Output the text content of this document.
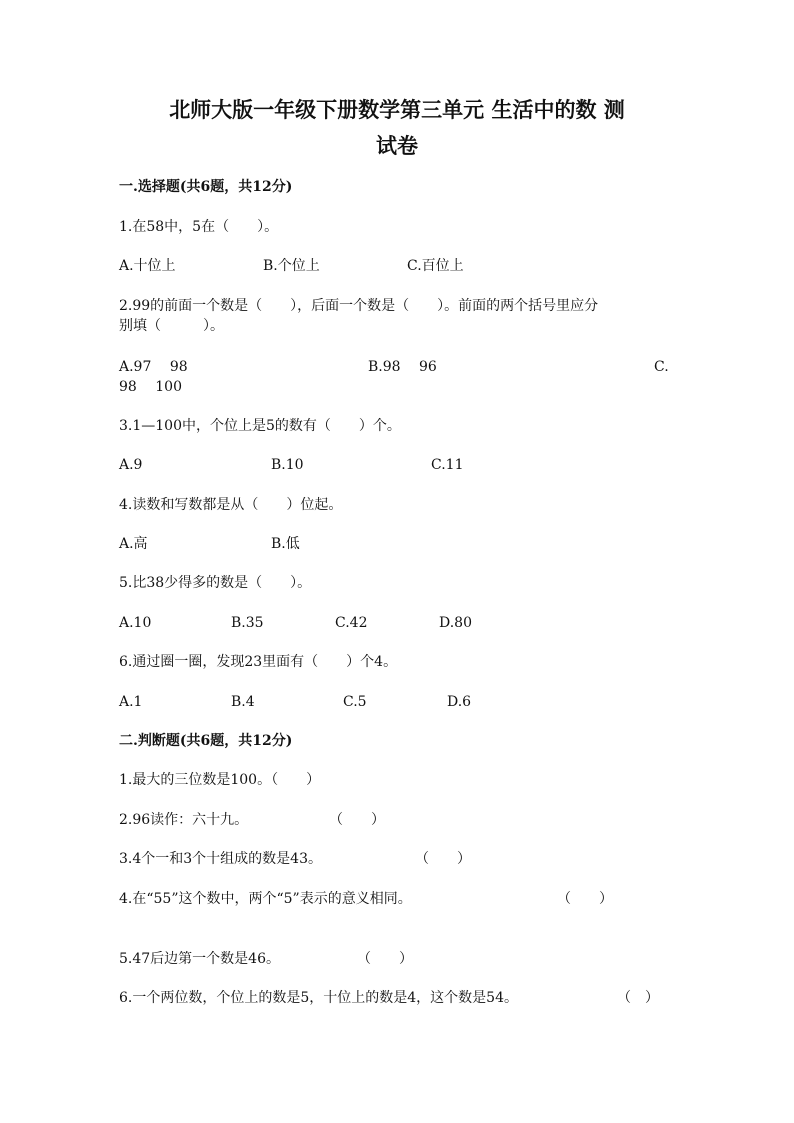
北师大版一年级下册数学第三单元 生活中的数 测
试卷
一.选择题(共6题，共12分)
1.在58中，5在（　　）。
A.十位上	B.个位上	C.百位上
2.99的前面一个数是（　　），后面一个数是（　　）。前面的两个括号里应分
别填（　　　）。
A.97　 98	B.98　 96	C.
98　 100
3.1—100中，个位上是5的数有（　　）个。
A.9	B.10	C.11
4.读数和写数都是从（　　）位起。
A.高	B.低
5.比38少得多的数是（　　）。
A.10	B.35	C.42	D.80
6.通过圈一圈，发现23里面有（　　）个4。
A.1	B.4	C.5	D.6
二.判断题(共6题，共12分)
1.最大的三位数是100。（　　）
2.96读作：六十九。	（　　）
3.4个一和3个十组成的数是43。	（　　）
4.在“55”这个数中，两个“5”表示的意义相同。	（　　）
5.47后边第一个数是46。	（　　）
6.一个两位数，个位上的数是5，十位上的数是4，这个数是54。	（　）
